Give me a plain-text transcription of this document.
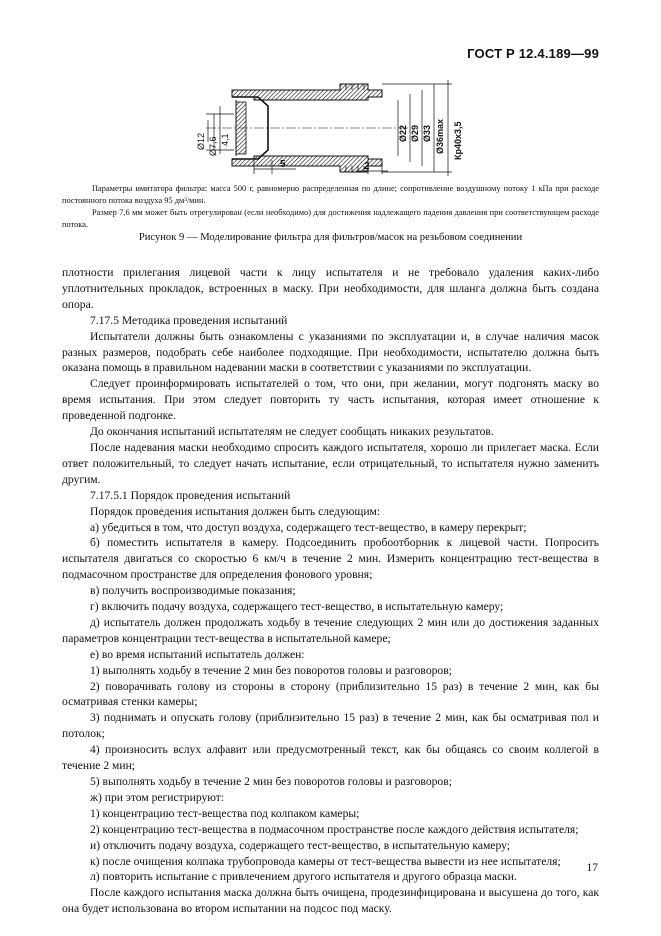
ГОСТ Р 12.4.189—99
Ø12 Ø7,6 4,1
5	2
Ø22 Ø29 Ø33 Ø36max Кр40х3,5

Параметры имитатора фильтра: масса 500 г, равномерно распределенная по длине; сопротивление воздушному потоку 1 кПа при расходе постоянного потока воздуха 95 дм³/мин.

Размер 7,6 мм может быть отрегулирован (если необходимо) для достижения надлежащего падения давления при соответствующем расходе потока.

Рисунок 9 — Моделирование фильтра для фильтров/масок на резьбовом соединении

плотности прилегания лицевой части к лицу испытателя и не требовало удаления каких-либо уплотнительных прокладок, встроенных в маску. При необходимости, для шланга должна быть создана опора.

7.17.5 Методика проведения испытаний

Испытатели должны быть ознакомлены с указаниями по эксплуатации и, в случае наличия масок разных размеров, подобрать себе наиболее подходящие. При необходимости, испытателю должна быть оказана помощь в правильном надевании маски в соответствии с указаниями по эксплуатации.

Следует проинформировать испытателей о том, что они, при желании, могут подгонять маску во время испытания. При этом следует повторить ту часть испытания, которая имеет отношение к проведенной подгонке.

До окончания испытаний испытателям не следует сообщать никаких результатов.

После надевания маски необходимо спросить каждого испытателя, хорошо ли прилегает маска. Если ответ положительный, то следует начать испытание, если отрицательный, то испытателя нужно заменить другим.

7.17.5.1 Порядок проведения испытаний

Порядок проведения испытания должен быть следующим:

а) убедиться в том, что доступ воздуха, содержащего тест-вещество, в камеру перекрыт;

б) поместить испытателя в камеру. Подсоединить пробоотборник к лицевой части. Попросить испытателя двигаться со скоростью 6 км/ч в течение 2 мин. Измерить концентрацию тест-вещества в подмасочном пространстве для определения фонового уровня;

в) получить воспроизводимые показания;

г) включить подачу воздуха, содержащего тест-вещество, в испытательную камеру;

д) испытатель должен продолжать ходьбу в течение следующих 2 мин или до достижения заданных параметров концентрации тест-вещества в испытательной камере;

е) во время испытаний испытатель должен:

1) выполнять ходьбу в течение 2 мин без поворотов головы и разговоров;

2) поворачивать голову из стороны в сторону (приблизительно 15 раз) в течение 2 мин, как бы осматривая стенки камеры;

3) поднимать и опускать голову (приблизительно 15 раз) в течение 2 мин, как бы осматривая пол и потолок;

4) произносить вслух алфавит или предусмотренный текст, как бы общаясь со своим коллегой в течение 2 мин;

5) выполнять ходьбу в течение 2 мин без поворотов головы и разговоров;

ж) при этом регистрируют:

1) концентрацию тест-вещества под колпаком камеры;

2) концентрацию тест-вещества в подмасочном пространстве после каждого действия испытателя;

и) отключить подачу воздуха, содержащего тест-вещество, в испытательную камеру;

к) после очищения колпака трубопровода камеры от тест-вещества вывести из нее испытателя;

л) повторить испытание с привлечением другого испытателя и другого образца маски.

После каждого испытания маска должна быть очищена, продезинфицирована и высушена до того, как она будет использована во втором испытании на подсос под маску.

17
